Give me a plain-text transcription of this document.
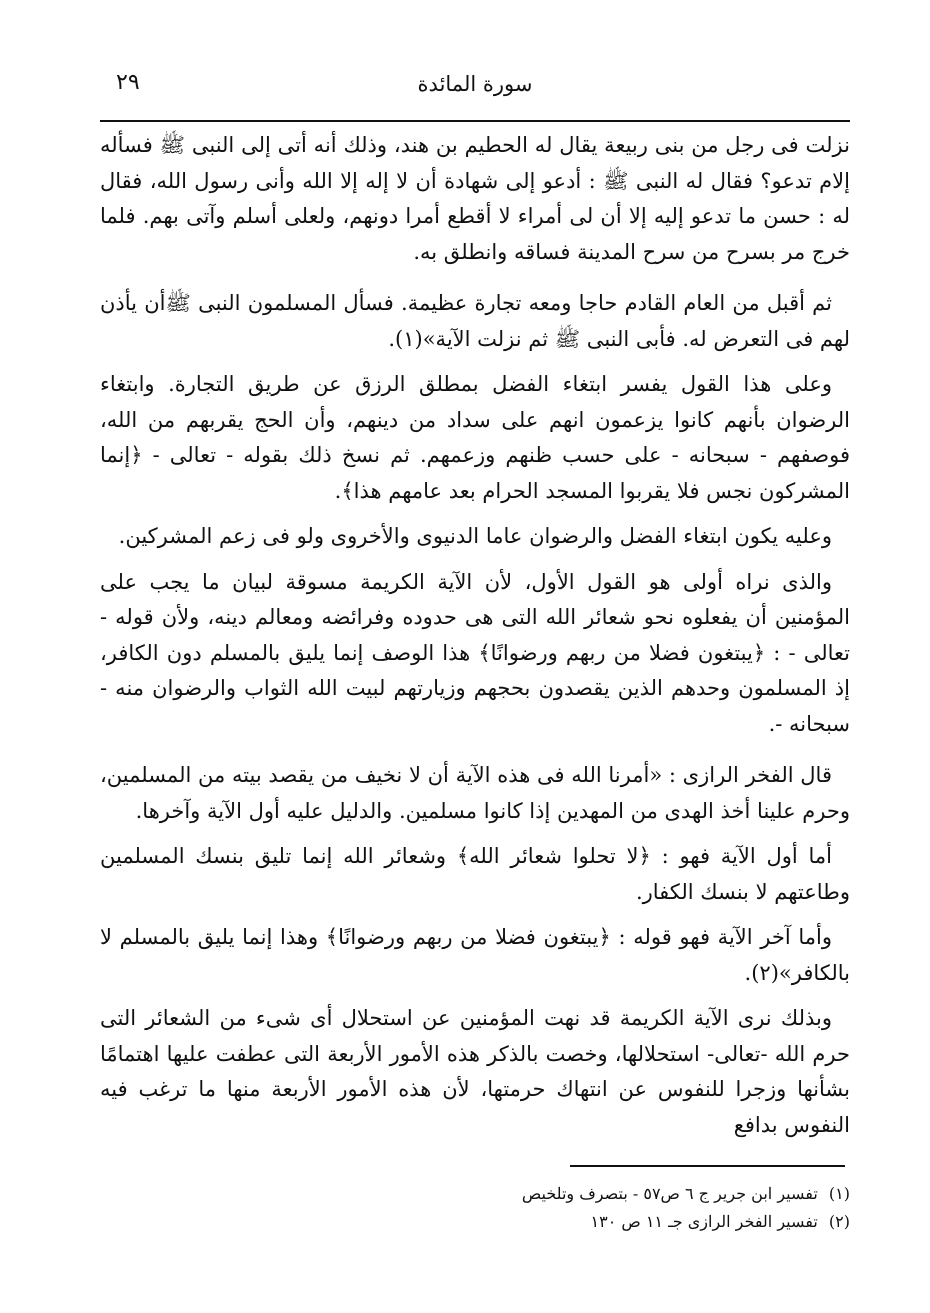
٢٩	سورة المائدة

نزلت فى رجل من بنى ربيعة يقال له الحطيم بن هند، وذلك أنه أتى إلى النبى ﷺ فسأله إلام تدعو؟ فقال له النبى ﷺ : أدعو إلى شهادة أن لا إله إلا الله وأنى رسول الله، فقال له : حسن ما تدعو إليه إلا أن لى أمراء لا أقطع أمرا دونهم، ولعلى أسلم وآتى بهم. فلما خرج مر بسرح من سرح المدينة فساقه وانطلق به.

ثم أقبل من العام القادم حاجا ومعه تجارة عظيمة. فسأل المسلمون النبى ﷺأن يأذن لهم فى التعرض له. فأبى النبى ﷺ ثم نزلت الآية»(١).

وعلى هذا القول يفسر ابتغاء الفضل بمطلق الرزق عن طريق التجارة. وابتغاء الرضوان بأنهم كانوا يزعمون انهم على سداد من دينهم، وأن الحج يقربهم من الله، فوصفهم - سبحانه - على حسب ظنهم وزعمهم. ثم نسخ ذلك بقوله - تعالى - ﴿إنما المشركون نجس فلا يقربوا المسجد الحرام بعد عامهم هذا﴾.

وعليه يكون ابتغاء الفضل والرضوان عاما الدنيوى والأخروى ولو فى زعم المشركين.

والذى نراه أولى هو القول الأول، لأن الآية الكريمة مسوقة لبيان ما يجب على المؤمنين أن يفعلوه نحو شعائر الله التى هى حدوده وفرائضه ومعالم دينه، ولأن قوله - تعالى - : ﴿يبتغون فضلا من ربهم ورضوانًا﴾ هذا الوصف إنما يليق بالمسلم دون الكافر، إذ المسلمون وحدهم الذين يقصدون بحجهم وزيارتهم لبيت الله الثواب والرضوان منه - سبحانه -.

قال الفخر الرازى : «أمرنا الله فى هذه الآية أن لا نخيف من يقصد بيته من المسلمين، وحرم علينا أخذ الهدى من المهدين إذا كانوا مسلمين. والدليل عليه أول الآية وآخرها.

أما أول الآية فهو : ﴿لا تحلوا شعائر الله﴾ وشعائر الله إنما تليق بنسك المسلمين وطاعتهم لا بنسك الكفار.

وأما آخر الآية فهو قوله : ﴿يبتغون فضلا من ربهم ورضوانًا﴾ وهذا إنما يليق بالمسلم لا بالكافر»(٢).

وبذلك نرى الآية الكريمة قد نهت المؤمنين عن استحلال أى شىء من الشعائر التى حرم الله -تعالى- استحلالها، وخصت بالذكر هذه الأمور الأربعة التى عطفت عليها اهتمامًا بشأنها وزجرا للنفوس عن انتهاك حرمتها، لأن هذه الأمور الأربعة منها ما ترغب فيه النفوس بدافع

(١) تفسير ابن جرير ج ٦ ص٥٧ - بتصرف وتلخيص

(٢) تفسير الفخر الرازى جـ ١١ ص ١٣٠
